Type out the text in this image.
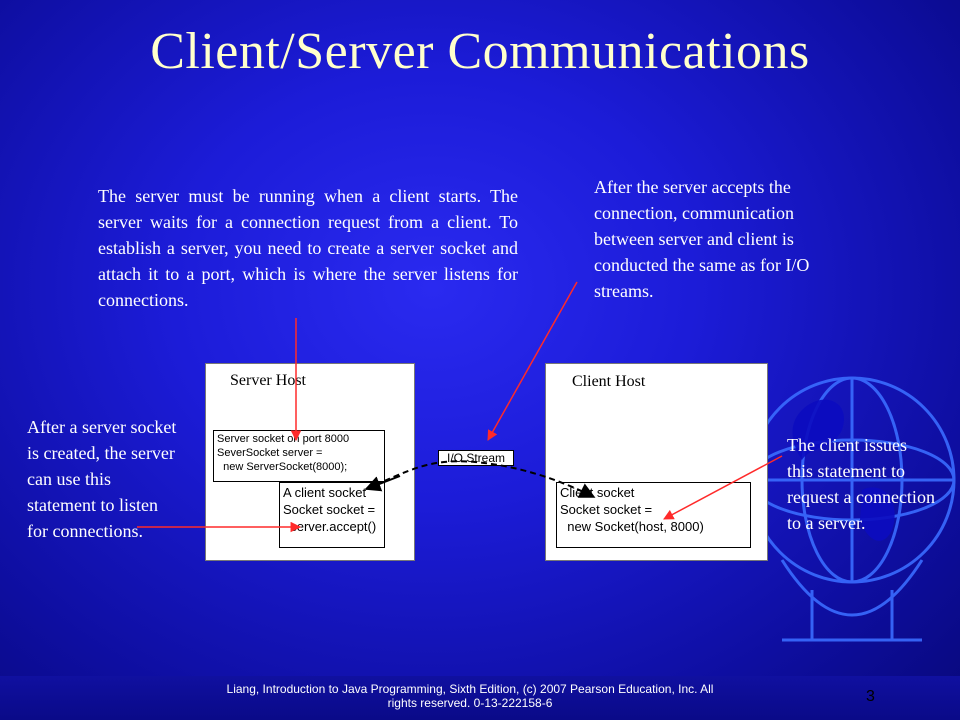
Client/Server Communications
The server must be running when a client starts. The server waits for a connection request from a client. To establish a server, you need to create a server socket and attach it to a port, which is where the server listens for connections.
After the server accepts the connection, communication between server and client is conducted the same as for I/O streams.
After a server socket is created, the server can use this statement to listen for connections.
The client issues this statement to request a connection to a server.
Server Host	Client Host
Server socket on port 8000
SeverSocket server =
new ServerSocket(8000);
A client socket
Socket socket =
server.accept()
Client socket
Socket socket =
new Socket(host, 8000)
I/O Stream
Liang, Introduction to Java Programming, Sixth Edition, (c) 2007 Pearson Education, Inc. All
rights reserved. 0-13-222158-6	3
